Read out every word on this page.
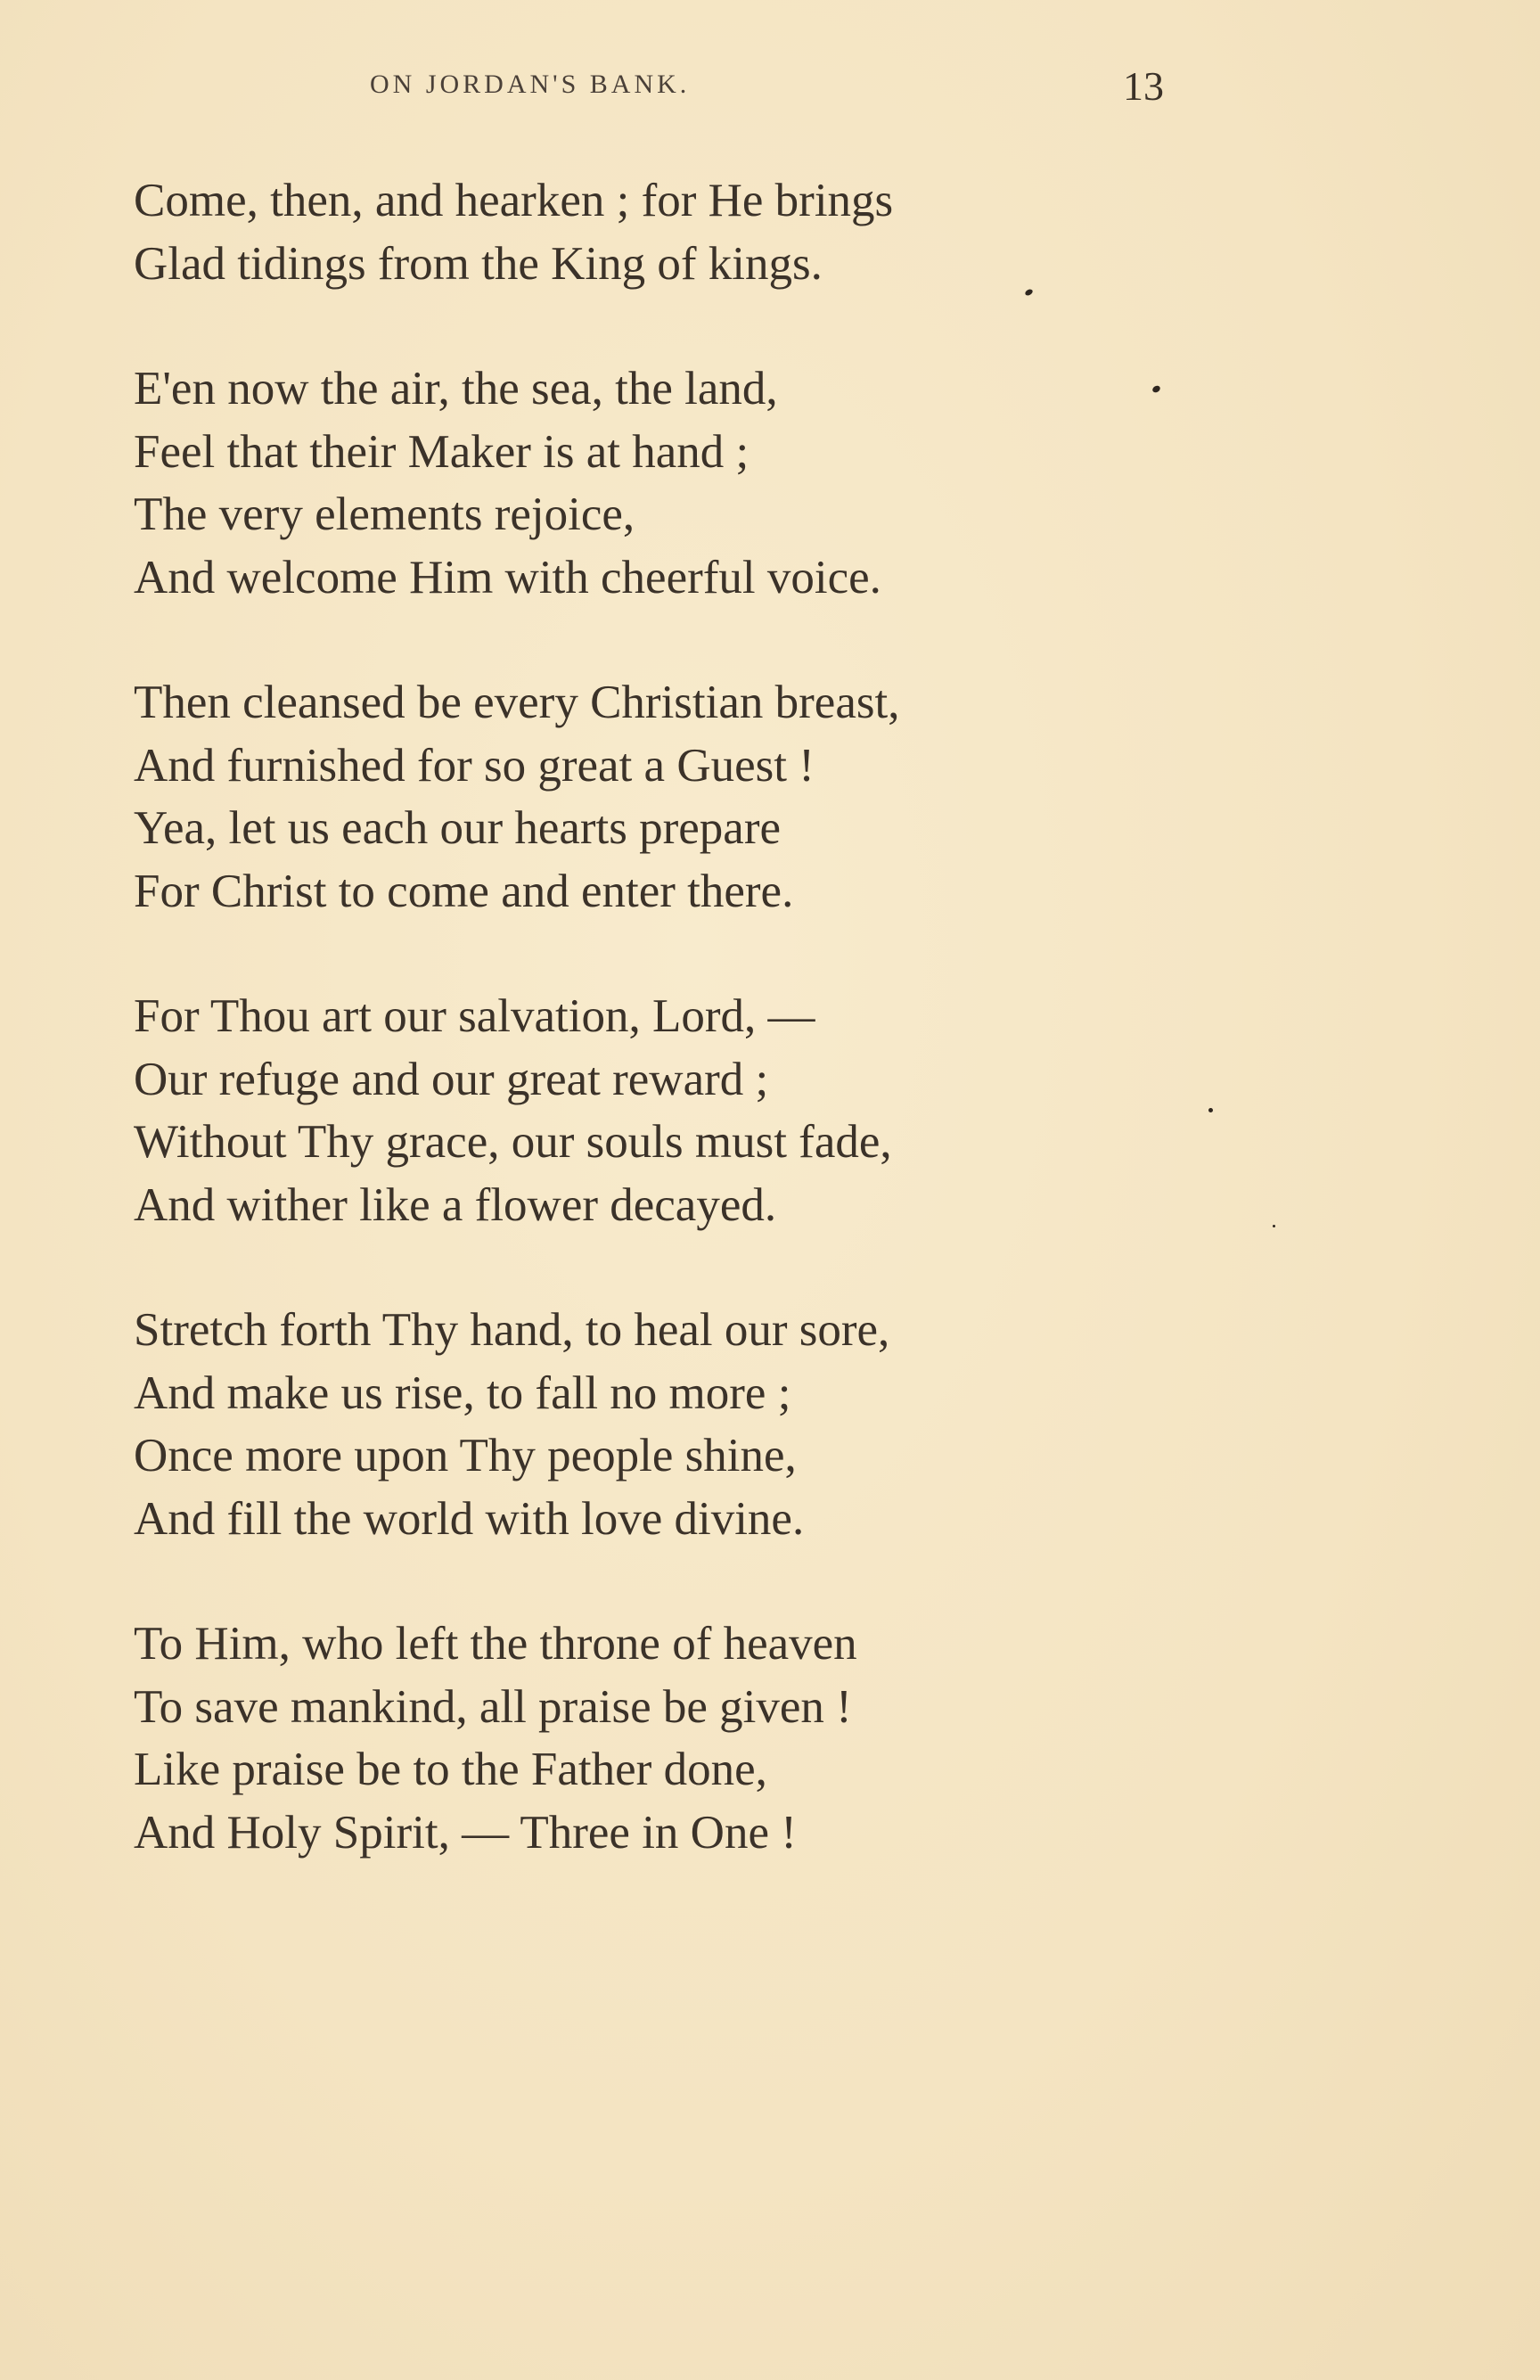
ON JORDAN'S BANK.	13
Come, then, and hearken ; for He brings
Glad tidings from the King of kings.
E'en now the air, the sea, the land,
Feel that their Maker is at hand ;
The very elements rejoice,
And welcome Him with cheerful voice.
Then cleansed be every Christian breast,
And furnished for so great a Guest !
Yea, let us each our hearts prepare
For Christ to come and enter there.
For Thou art our salvation, Lord, —
Our refuge and our great reward ;
Without Thy grace, our souls must fade,
And wither like a flower decayed.
Stretch forth Thy hand, to heal our sore,
And make us rise, to fall no more ;
Once more upon Thy people shine,
And fill the world with love divine.
To Him, who left the throne of heaven
To save mankind, all praise be given !
Like praise be to the Father done,
And Holy Spirit, — Three in One !
